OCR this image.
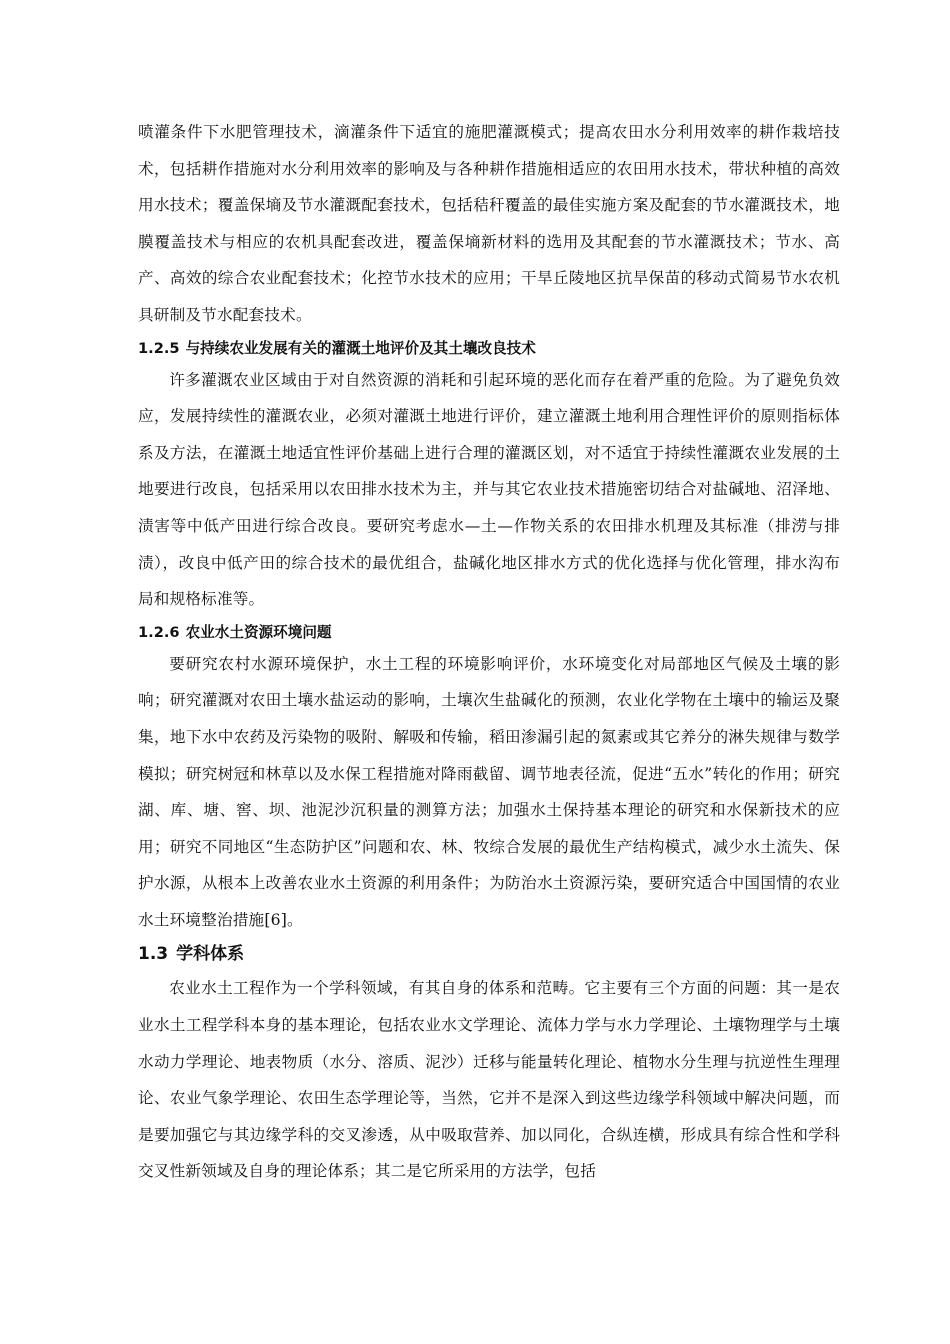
喷灌条件下水肥管理技术，滴灌条件下适宜的施肥灌溉模式；提高农田水分利用效率的耕作栽培技术，包括耕作措施对水分利用效率的影响及与各种耕作措施相适应的农田用水技术，带状种植的高效用水技术；覆盖保墒及节水灌溉配套技术，包括秸秆覆盖的最佳实施方案及配套的节水灌溉技术，地膜覆盖技术与相应的农机具配套改进，覆盖保墒新材料的选用及其配套的节水灌溉技术；节水、高产、高效的综合农业配套技术；化控节水技术的应用；干旱丘陵地区抗旱保苗的移动式简易节水农机具研制及节水配套技术。

1.2.5 与持续农业发展有关的灌溉土地评价及其土壤改良技术

许多灌溉农业区域由于对自然资源的消耗和引起环境的恶化而存在着严重的危险。为了避免负效应，发展持续性的灌溉农业，必须对灌溉土地进行评价，建立灌溉土地利用合理性评价的原则指标体系及方法，在灌溉土地适宜性评价基础上进行合理的灌溉区划，对不适宜于持续性灌溉农业发展的土地要进行改良，包括采用以农田排水技术为主，并与其它农业技术措施密切结合对盐碱地、沼泽地、渍害等中低产田进行综合改良。要研究考虑水—土—作物关系的农田排水机理及其标准（排涝与排渍），改良中低产田的综合技术的最优组合，盐碱化地区排水方式的优化选择与优化管理，排水沟布局和规格标准等。

1.2.6 农业水土资源环境问题

要研究农村水源环境保护，水土工程的环境影响评价，水环境变化对局部地区气候及土壤的影响；研究灌溉对农田土壤水盐运动的影响，土壤次生盐碱化的预测，农业化学物在土壤中的输运及聚集，地下水中农药及污染物的吸附、解吸和传输，稻田渗漏引起的氮素或其它养分的淋失规律与数学模拟；研究树冠和林草以及水保工程措施对降雨截留、调节地表径流，促进“五水”转化的作用；研究湖、库、塘、窖、坝、池泥沙沉积量的测算方法；加强水土保持基本理论的研究和水保新技术的应用；研究不同地区“生态防护区”问题和农、林、牧综合发展的最优生产结构模式，减少水土流失、保护水源，从根本上改善农业水土资源的利用条件；为防治水土资源污染，要研究适合中国国情的农业水土环境整治措施[6]。

1.3 学科体系

农业水土工程作为一个学科领域，有其自身的体系和范畴。它主要有三个方面的问题：其一是农业水土工程学科本身的基本理论，包括农业水文学理论、流体力学与水力学理论、土壤物理学与土壤水动力学理论、地表物质（水分、溶质、泥沙）迁移与能量转化理论、植物水分生理与抗逆性生理理论、农业气象学理论、农田生态学理论等，当然，它并不是深入到这些边缘学科领域中解决问题，而是要加强它与其边缘学科的交叉渗透，从中吸取营养、加以同化，合纵连横，形成具有综合性和学科交叉性新领域及自身的理论体系；其二是它所采用的方法学，包括
